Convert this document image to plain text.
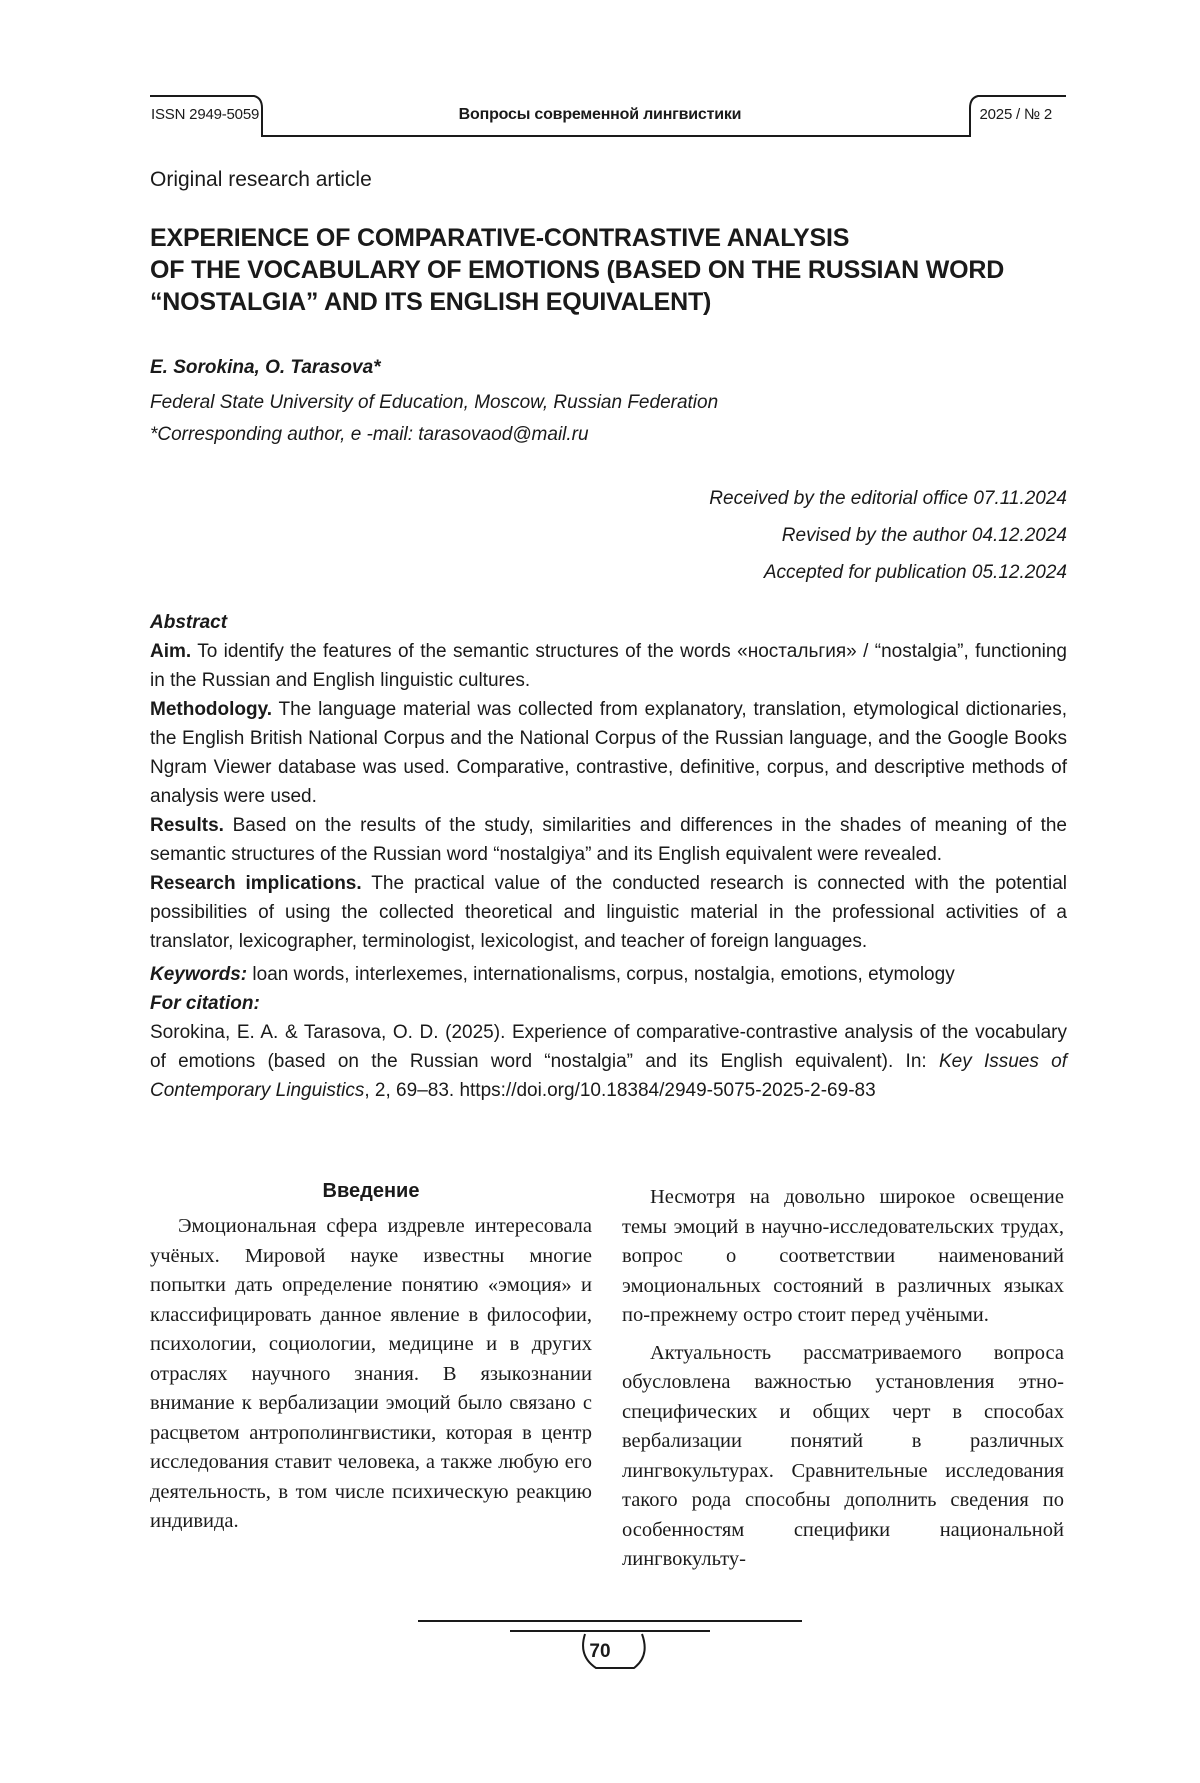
ISSN 2949-5059	Вопросы современной лингвистики	2025 / № 2
Original research article
EXPERIENCE OF COMPARATIVE-CONTRASTIVE ANALYSIS
OF THE VOCABULARY OF EMOTIONS (BASED ON THE RUSSIAN WORD
“NOSTALGIA” AND ITS ENGLISH EQUIVALENT)
E. Sorokina, O. Tarasova*
Federal State University of Education, Moscow, Russian Federation
*Corresponding author, e -mail: tarasovaod@mail.ru
Received by the editorial office 07.11.2024
Revised by the author 04.12.2024
Accepted for publication 05.12.2024

Abstract

Aim. To identify the features of the semantic structures of the words «ностальгия» / “nostalgia”, functioning in the Russian and English linguistic cultures.

Methodology. The language material was collected from explanatory, translation, etymological dictionaries, the English British National Corpus and the National Corpus of the Russian language, and the Google Books Ngram Viewer database was used. Comparative, contrastive, definitive, corpus, and descriptive methods of analysis were used.

Results. Based on the results of the study, similarities and differences in the shades of meaning of the semantic structures of the Russian word “nostalgiya” and its English equivalent were revealed.

Research implications. The practical value of the conducted research is connected with the potential possibilities of using the collected theoretical and linguistic material in the professional activities of a translator, lexicographer, terminologist, lexicologist, and teacher of foreign languages.

Keywords: loan words, interlexemes, internationalisms, corpus, nostalgia, emotions, etymology

For citation:

Sorokina, E. A. & Tarasova, O. D. (2025). Experience of comparative-contrastive analysis of the vocabulary of emotions (based on the Russian word “nostalgia” and its English equivalent). In: Key Issues of Contemporary Linguistics, 2, 69–83. https://doi.org/10.18384/2949-5075-2025-2-69-83

Введение

Эмоциональная сфера издревле интересовала учёных. Мировой науке известны многие попытки дать определение понятию «эмоция» и классифицировать данное явление в философии, психологии, социологии, медицине и в других отраслях научного знания. В языкознании внимание к вербализации эмоций было связано с расцветом антрополингвистики, которая в центр исследования ставит человека, а также любую его деятельность, в том числе психическую реакцию индивида.

Несмотря на довольно широкое освещение темы эмоций в научно-исследовательских трудах, вопрос о соответствии наименований эмоциональных состояний в различных языках по-прежнему остро стоит перед учёными.

Актуальность рассматриваемого вопроса обусловлена важностью установления этно-специфических и общих черт в способах вербализации понятий в различных лингвокультурах. Сравнительные исследования такого рода способны дополнить сведения по особенностям специфики национальной лингвокульту-

70
